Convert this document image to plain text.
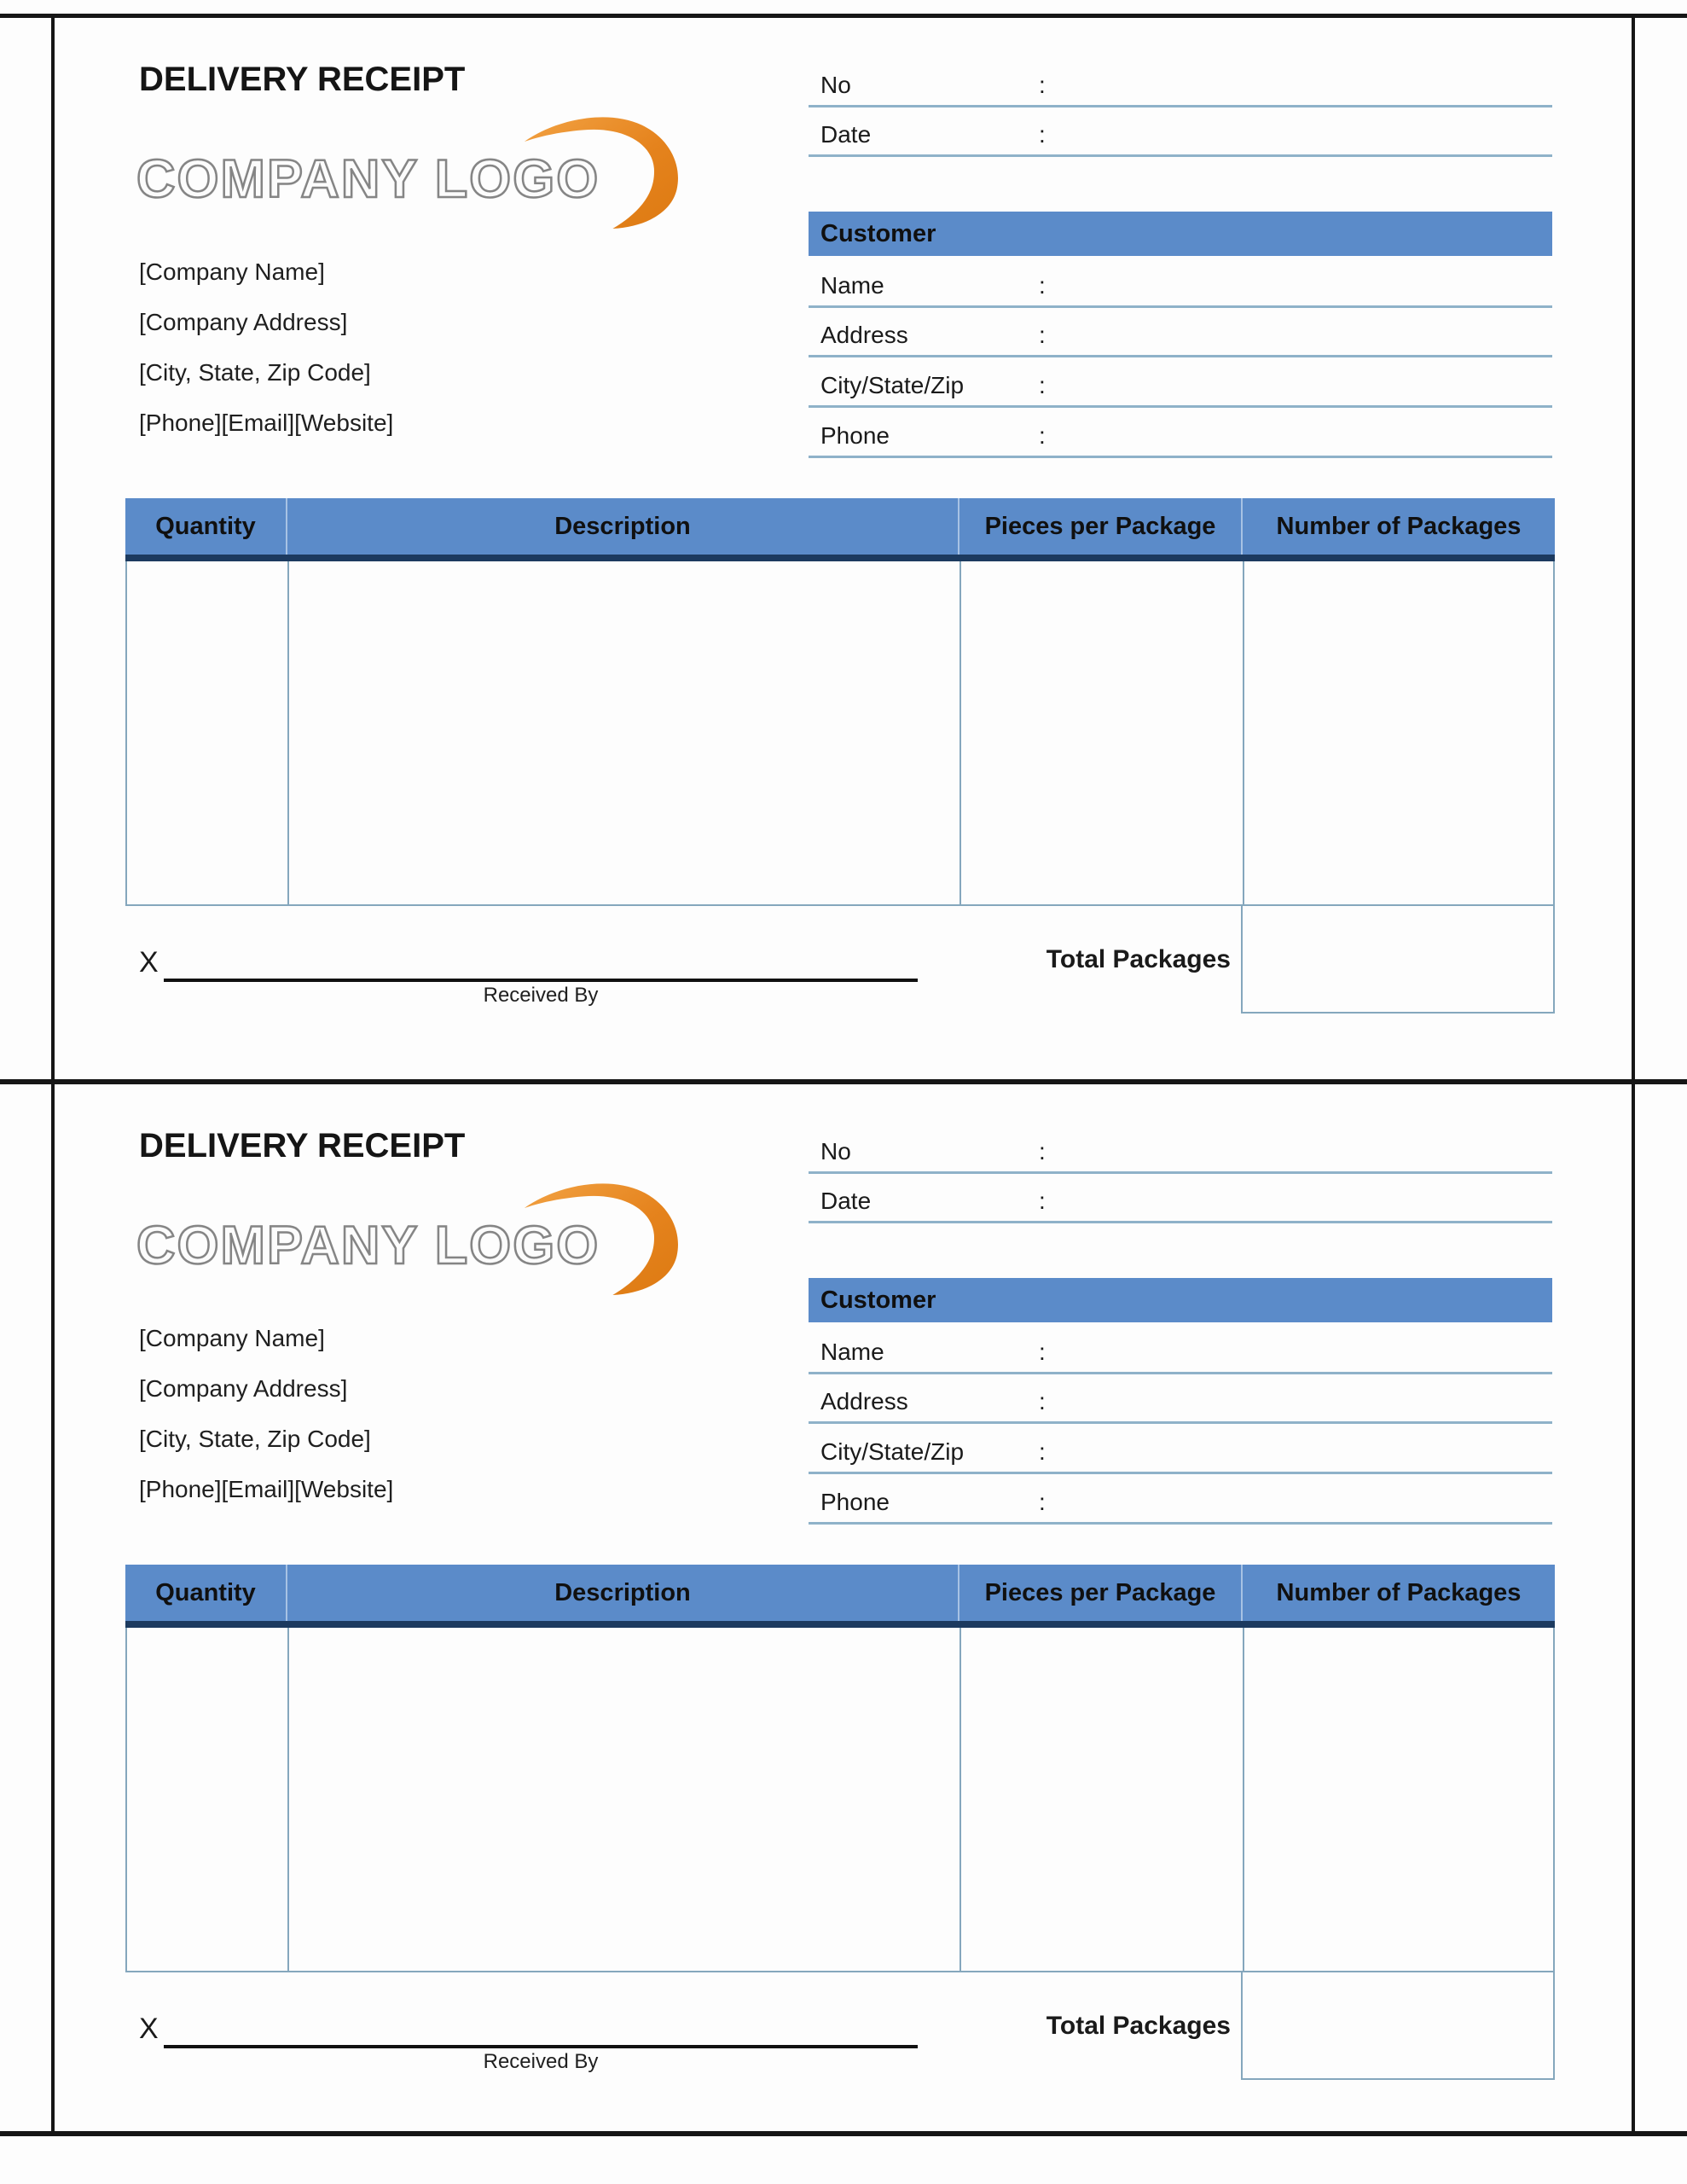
DELIVERY RECEIPT
COMPANY LOGO
[Company Name]
[Company Address]
[City, State, Zip Code]
[Phone][Email][Website]
No	:
Date	:
Customer
Name	:
Address	:
City/State/Zip	:
Phone	:
Quantity	Description	Pieces per Package	Number of Packages
X
Received By
Total Packages
DELIVERY RECEIPT
COMPANY LOGO
[Company Name]
[Company Address]
[City, State, Zip Code]
[Phone][Email][Website]
No	:
Date	:
Customer
Name	:
Address	:
City/State/Zip	:
Phone	:
Quantity	Description	Pieces per Package	Number of Packages
X
Received By
Total Packages
